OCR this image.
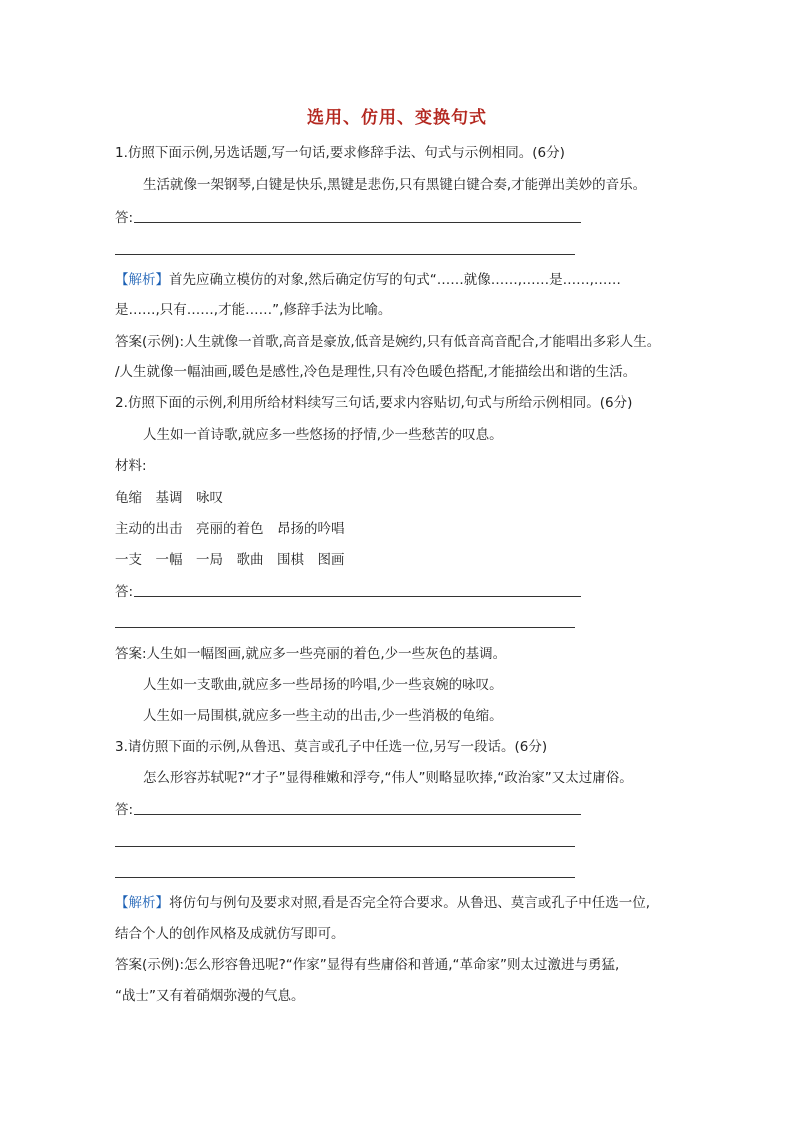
选用、仿用、变换句式
1.仿照下面示例,另选话题,写一句话,要求修辞手法、句式与示例相同。(6分)
生活就像一架钢琴,白键是快乐,黑键是悲伤,只有黑键白键合奏,才能弹出美妙的音乐。
答:
【解析】首先应确立模仿的对象,然后确定仿写的句式“……就像……,……是……,……
是……,只有……,才能……”,修辞手法为比喻。
答案(示例):人生就像一首歌,高音是豪放,低音是婉约,只有低音高音配合,才能唱出多彩人生。
/人生就像一幅油画,暖色是感性,冷色是理性,只有冷色暖色搭配,才能描绘出和谐的生活。
2.仿照下面的示例,利用所给材料续写三句话,要求内容贴切,句式与所给示例相同。(6分)
人生如一首诗歌,就应多一些悠扬的抒情,少一些愁苦的叹息。
材料:
龟缩　基调　咏叹
主动的出击　亮丽的着色　昂扬的吟唱
一支　一幅　一局　歌曲　围棋　图画
答:
答案:人生如一幅图画,就应多一些亮丽的着色,少一些灰色的基调。
人生如一支歌曲,就应多一些昂扬的吟唱,少一些哀婉的咏叹。
人生如一局围棋,就应多一些主动的出击,少一些消极的龟缩。
3.请仿照下面的示例,从鲁迅、莫言或孔子中任选一位,另写一段话。(6分)
怎么形容苏轼呢?“才子”显得稚嫩和浮夸,“伟人”则略显吹捧,“政治家”又太过庸俗。
答:
【解析】将仿句与例句及要求对照,看是否完全符合要求。从鲁迅、莫言或孔子中任选一位,
结合个人的创作风格及成就仿写即可。
答案(示例):怎么形容鲁迅呢?“作家”显得有些庸俗和普通,“革命家”则太过激进与勇猛,
“战士”又有着硝烟弥漫的气息。
